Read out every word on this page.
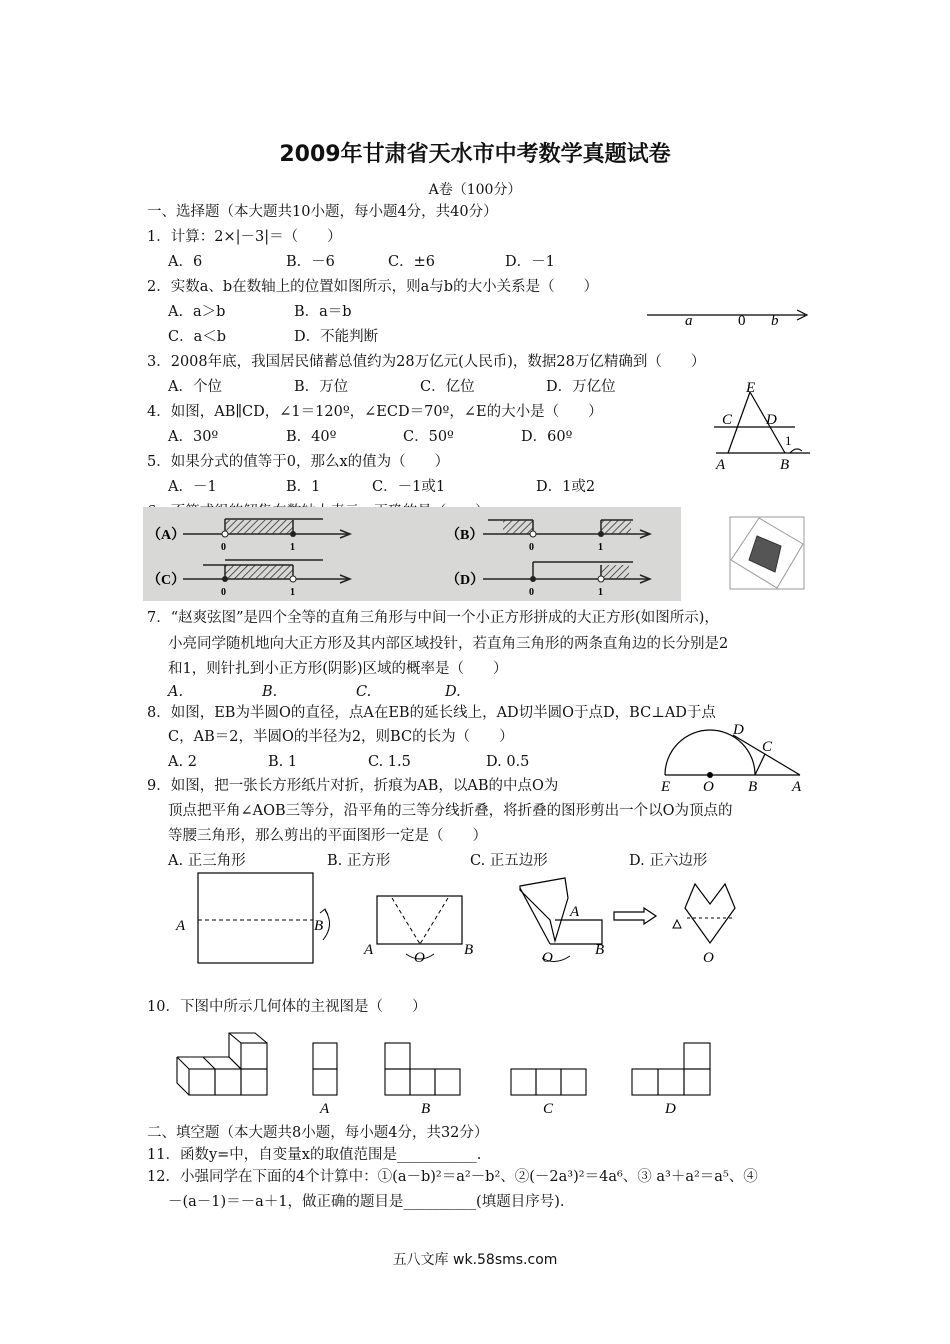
2009年甘肃省天水市中考数学真题试卷
A卷（100分）
一、选择题（本大题共10小题，每小题4分，共40分）
1．计算：2×|－3|＝（　　）
A．6	B．－6	C．±6	D．－1
2．实数a、b在数轴上的位置如图所示，则a与b的大小关系是（　　）
A．a＞b	B．a＝b
C．a＜b	D．不能判断
a	0 b
3．2008年底，我国居民储蓄总值约为28万亿元(人民币)，数据28万亿精确到（　　）
A．个位	B．万位	C．亿位	D．万亿位
4．如图，AB∥CD，∠1＝120º，∠ECD＝70º，∠E的大小是（　　）
A．30º	B．40º	C．50º	D．60º
E
C D
1
A	B
5．如果分式的值等于0，那么x的值为（　　）
A．－1	B．1	C．－1或1	D．1或2
（A）
0	1
（B）
0	1
（C）
0	1
（D）
0	1
7．“赵爽弦图”是四个全等的直角三角形与中间一个小正方形拼成的大正方形(如图所示)，
小亮同学随机地向大正方形及其内部区域投针，若直角三角形的两条直角边的长分别是2
和1，则针扎到小正方形(阴影)区域的概率是（　　）
A.	B.	C.	D.
8．如图，EB为半圆O的直径，点A在EB的延长线上，AD切半圆O于点D，BC⊥AD于点
C，AB＝2，半圆O的半径为2，则BC的长为（　　）
A. 2	B. 1	C. 1.5	D. 0.5
D
C
E O B A
9．如图，把一张长方形纸片对折，折痕为AB，以AB的中点O为
顶点把平角∠AOB三等分，沿平角的三等分线折叠，将折叠的图形剪出一个以O为顶点的
等腰三角形，那么剪出的平面图形一定是（　　）
A. 正三角形	B. 正方形	C. 正五边形	D. 正六边形
A	B
A	O	B
A
O	B	O
10．下图中所示几何体的主视图是（　　）
A	B	C	D
二、填空题（本大题共8小题，每小题4分，共32分）
11．函数y=中，自变量x的取值范围是___________.
12．小强同学在下面的4个计算中：①(a－b)²＝a²－b²、②(－2a³)²＝4a⁶、③ a³＋a²＝a⁵、④
－(a－1)＝－a＋1，做正确的题目是__________(填题目序号).
五八文库 wk.58sms.com
